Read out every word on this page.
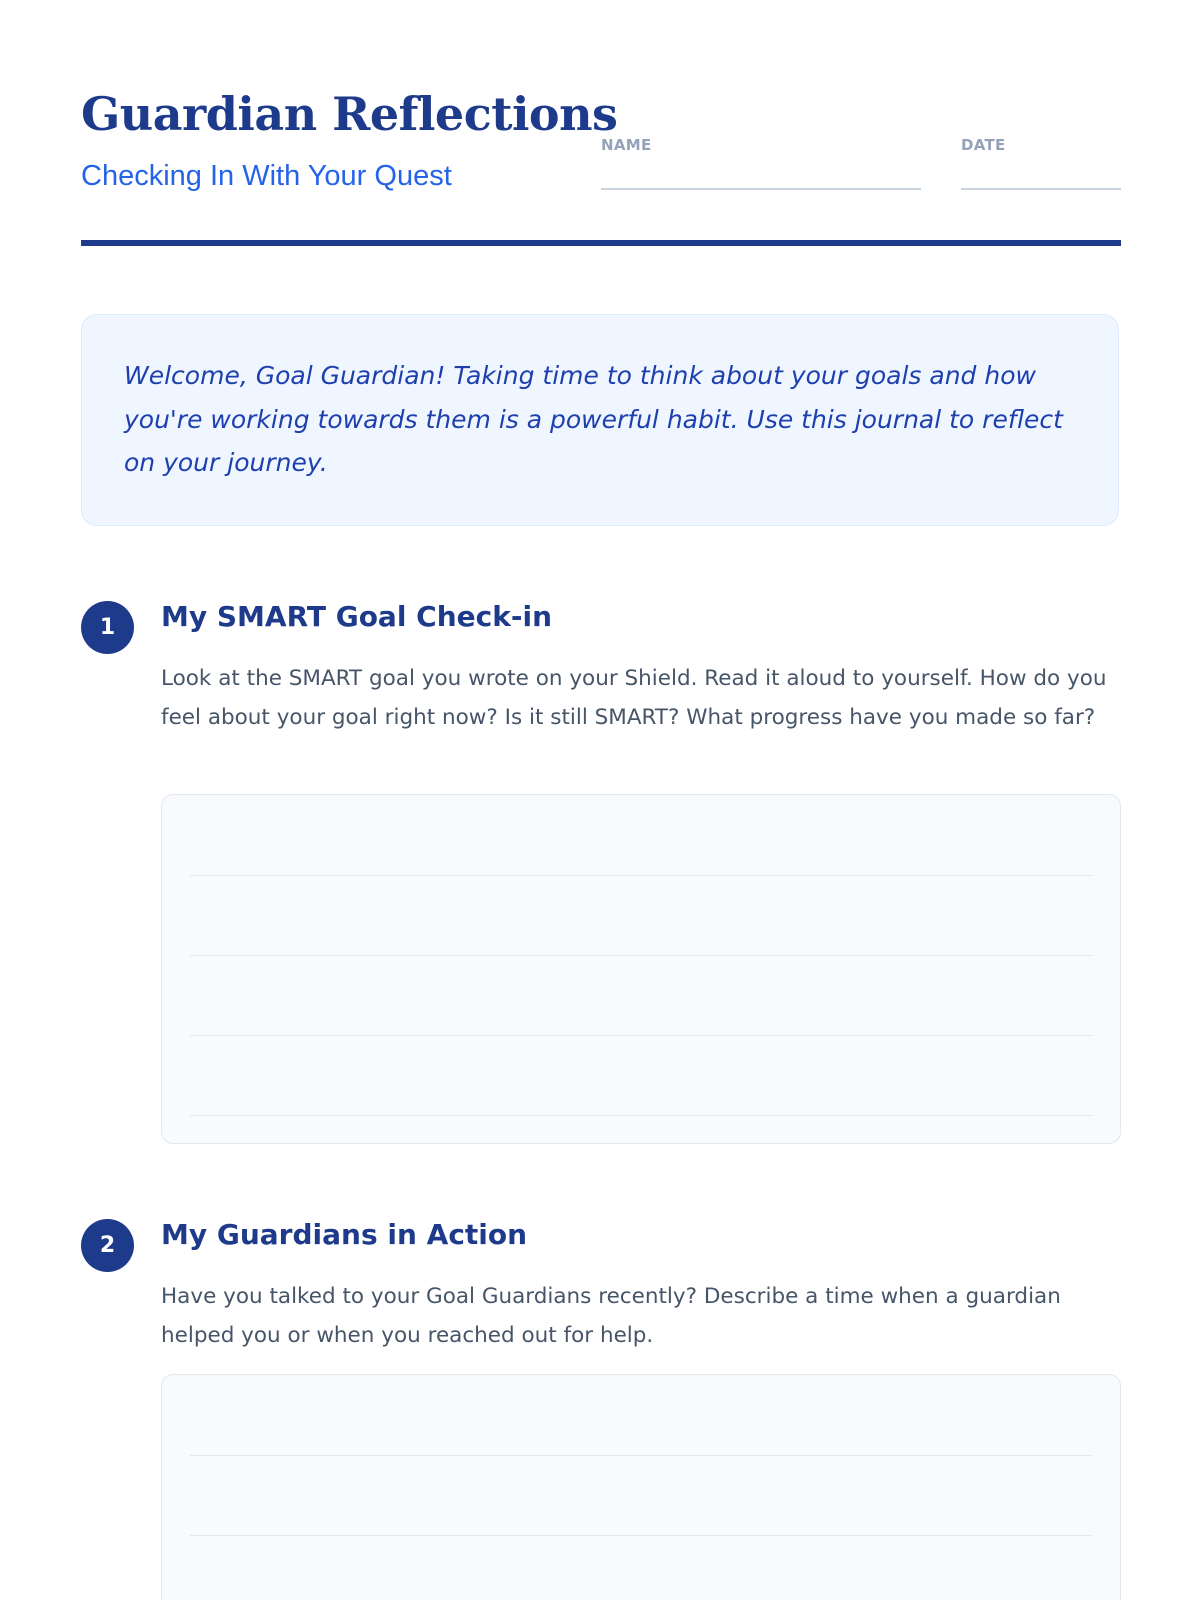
Guardian Reflections
Checking In With Your Quest
NAME	DATE

Welcome, Goal Guardian! Taking time to think about your goals and how you're working towards them is a powerful habit. Use this journal to reflect on your journey.

1	My SMART Goal Check-in

Look at the SMART goal you wrote on your Shield. Read it aloud to yourself. How do you feel about your goal right now? Is it still SMART? What progress have you made so far?

2	My Guardians in Action

Have you talked to your Goal Guardians recently? Describe a time when a guardian helped you or when you reached out for help.
